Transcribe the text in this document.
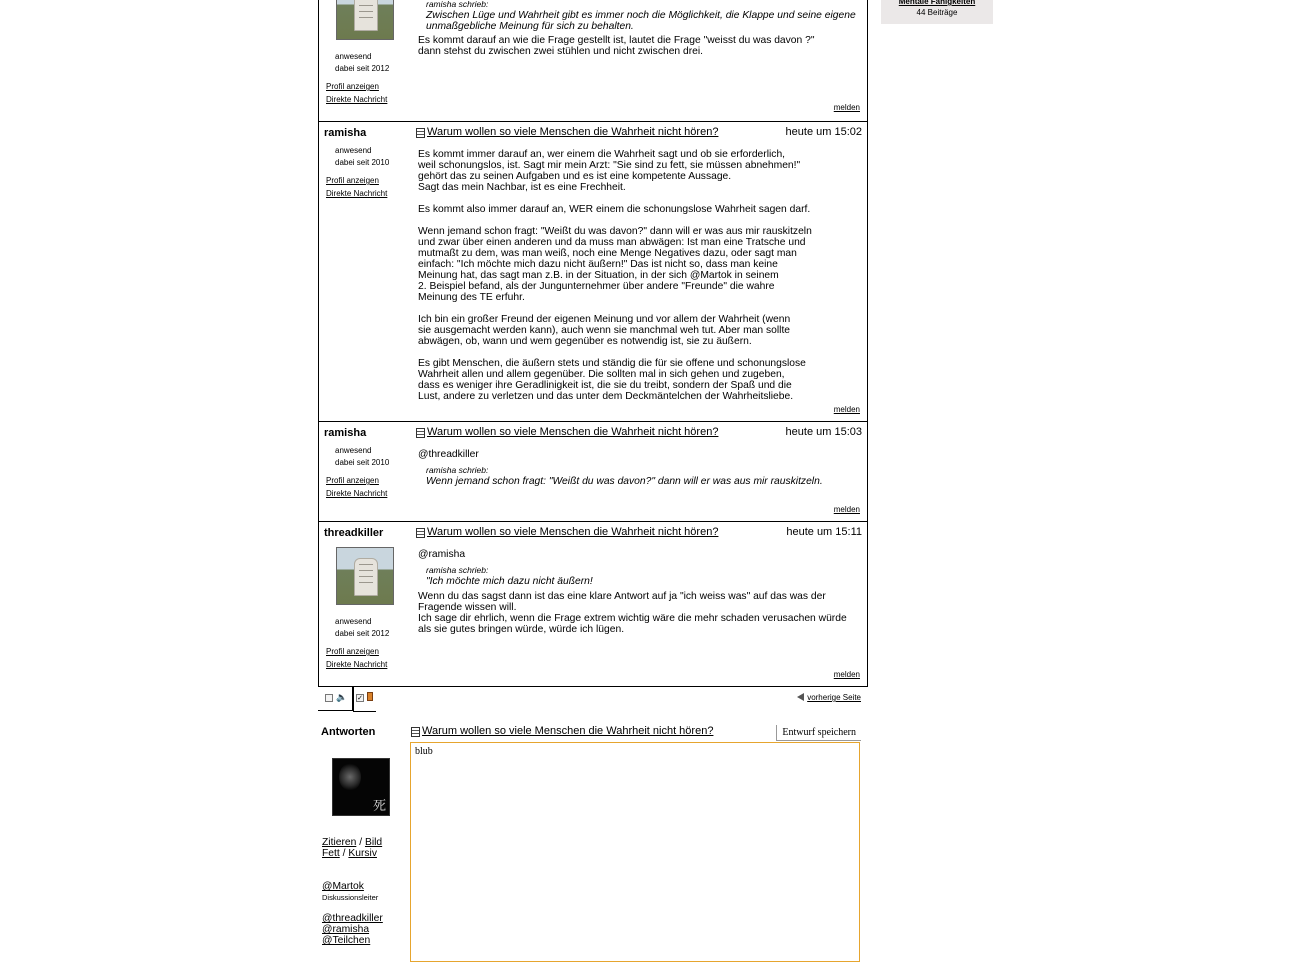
Mentale Fähigkeiten
44 Beiträge
anwesend
dabei seit 2012
Profil anzeigen
Direkte Nachricht
ramisha schrieb:
Zwischen Lüge und Wahrheit gibt es immer noch die Möglichkeit, die Klappe und seine eigene
unmaßgebliche Meinung für sich zu behalten.
Es kommt darauf an wie die Frage gestellt ist, lautet die Frage "weisst du was davon ?"
dann stehst du zwischen zwei stühlen und nicht zwischen drei.
melden
ramisha
anwesend
dabei seit 2010
Profil anzeigen
Direkte Nachricht
Warum wollen so viele Menschen die Wahrheit nicht hören?	heute um 15:02
Es kommt immer darauf an, wer einem die Wahrheit sagt und ob sie erforderlich,
weil schonungslos, ist. Sagt mir mein Arzt: "Sie sind zu fett, sie müssen abnehmen!"
gehört das zu seinen Aufgaben und es ist eine kompetente Aussage.
Sagt das mein Nachbar, ist es eine Frechheit.

Es kommt also immer darauf an, WER einem die schonungslose Wahrheit sagen darf.

Wenn jemand schon fragt: "Weißt du was davon?" dann will er was aus mir rauskitzeln
und zwar über einen anderen und da muss man abwägen: Ist man eine Tratsche und
mutmaßt zu dem, was man weiß, noch eine Menge Negatives dazu, oder sagt man
einfach: "Ich möchte mich dazu nicht äußern!" Das ist nicht so, dass man keine
Meinung hat, das sagt man z.B. in der Situation, in der sich @Martok in seinem
2. Beispiel befand, als der Jungunternehmer über andere "Freunde" die wahre
Meinung des TE erfuhr.

Ich bin ein großer Freund der eigenen Meinung und vor allem der Wahrheit (wenn
sie ausgemacht werden kann), auch wenn sie manchmal weh tut. Aber man sollte
abwägen, ob, wann und wem gegenüber es notwendig ist, sie zu äußern.

Es gibt Menschen, die äußern stets und ständig die für sie offene und schonungslose
Wahrheit allen und allem gegenüber. Die sollten mal in sich gehen und zugeben,
dass es weniger ihre Geradlinigkeit ist, die sie du treibt, sondern der Spaß und die
Lust, andere zu verletzen und das unter dem Deckmäntelchen der Wahrheitsliebe.
melden
ramisha
anwesend
dabei seit 2010
Profil anzeigen
Direkte Nachricht
Warum wollen so viele Menschen die Wahrheit nicht hören?	heute um 15:03
@threadkiller
ramisha schrieb:
Wenn jemand schon fragt: "Weißt du was davon?" dann will er was aus mir rauskitzeln.
melden
threadkiller
anwesend
dabei seit 2012
Profil anzeigen
Direkte Nachricht
Warum wollen so viele Menschen die Wahrheit nicht hören?	heute um 15:11
@ramisha
ramisha schrieb:
"Ich möchte mich dazu nicht äußern!
Wenn du das sagst dann ist das eine klare Antwort auf ja "ich weiss was" auf das was der
Fragende wissen will.
Ich sage dir ehrlich, wenn die Frage extrem wichtig wäre die mehr schaden verusachen würde
als sie gutes bringen würde, würde ich lügen.
melden
🔈 ✓	vorherige Seite
Antworten
死
Zitieren / Bild
Fett / Kursiv
@Martok
Diskussionsleiter
@threadkiller
@ramisha
@Teilchen
Warum wollen so viele Menschen die Wahrheit nicht hören?	Entwurf speichern
blub
